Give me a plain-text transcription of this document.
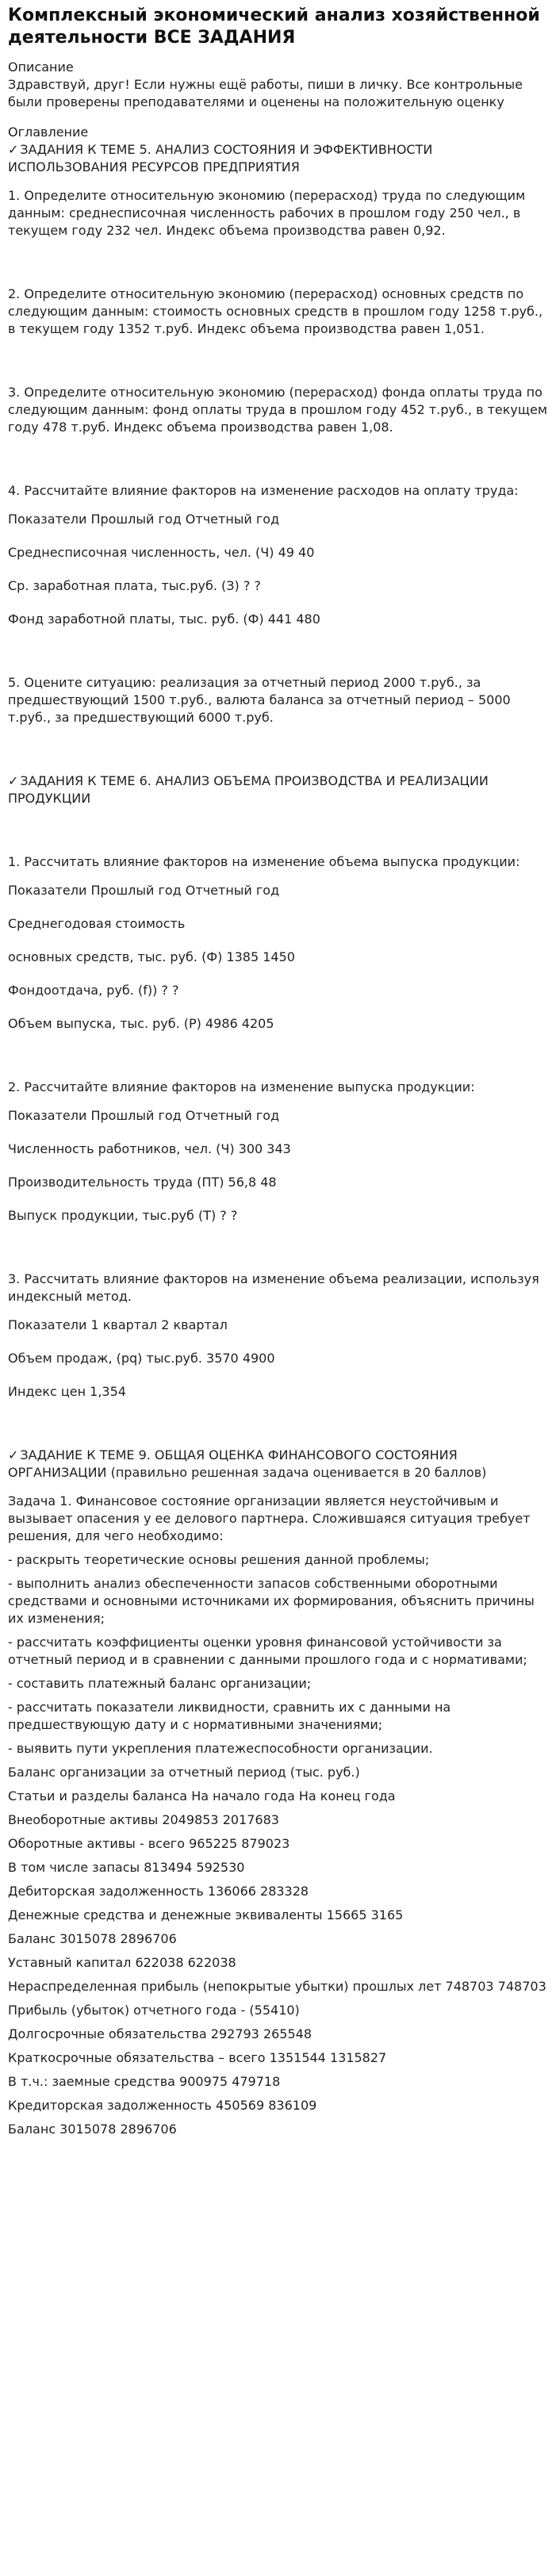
Комплексный экономический анализ хозяйственной деятельности ВСЕ ЗАДАНИЯ
Описание

Здравствуй, друг! Если нужны ещё работы, пиши в личку. Все контрольные были проверены преподавателями и оценены на положительную оценку

Оглавление
✓ ЗАДАНИЯ К ТЕМЕ 5. АНАЛИЗ СОСТОЯНИЯ И ЭФФЕКТИВНОСТИ ИСПОЛЬЗОВАНИЯ РЕСУРСОВ ПРЕДПРИЯТИЯ

1. Определите относительную экономию (перерасход) труда по следующим данным: среднесписочная численность рабочих в прошлом году 250 чел., в текущем году 232 чел. Индекс объема производства равен 0,92.

2. Определите относительную экономию (перерасход) основных средств по следующим данным: стоимость основных средств в прошлом году 1258 т.руб., в текущем году 1352 т.руб. Индекс объема производства равен 1,051.

3. Определите относительную экономию (перерасход) фонда оплаты труда по следующим данным: фонд оплаты труда в прошлом году 452 т.руб., в текущем году 478 т.руб. Индекс объема производства равен 1,08.

4. Рассчитайте влияние факторов на изменение расходов на оплату труда:

Показатели Прошлый год Отчетный год

Среднесписочная численность, чел. (Ч) 49 40

Ср. заработная плата, тыс.руб. (З) ? ?

Фонд заработной платы, тыс. руб. (Ф) 441 480

5. Оцените ситуацию: реализация за отчетный период 2000 т.руб., за предшествующий 1500 т.руб., валюта баланса за отчетный период – 5000 т.руб., за предшествующий 6000 т.руб.

✓ ЗАДАНИЯ К ТЕМЕ 6. АНАЛИЗ ОБЪЕМА ПРОИЗВОДСТВА И РЕАЛИЗАЦИИ ПРОДУКЦИИ

1. Рассчитать влияние факторов на изменение объема выпуска продукции:

Показатели Прошлый год Отчетный год

Среднегодовая стоимость

основных средств, тыс. руб. (Ф) 1385 1450

Фондоотдача, руб. (f)) ? ?

Объем выпуска, тыс. руб. (Р) 4986 4205

2. Рассчитайте влияние факторов на изменение выпуска продукции:

Показатели Прошлый год Отчетный год

Численность работников, чел. (Ч) 300 343

Производительность труда (ПТ) 56,8 48

Выпуск продукции, тыс.руб (Т) ? ?

3. Рассчитать влияние факторов на изменение объема реализации, используя индексный метод.

Показатели 1 квартал 2 квартал

Объем продаж, (pq) тыс.руб. 3570 4900

Индекс цен 1,354

✓ ЗАДАНИЕ К ТЕМЕ 9. ОБЩАЯ ОЦЕНКА ФИНАНСОВОГО СОСТОЯНИЯ ОРГАНИЗАЦИИ (правильно решенная задача оценивается в 20 баллов)

Задача 1. Финансовое состояние организации является неустойчивым и вызывает опасения у ее делового партнера. Сложившаяся ситуация требует решения, для чего необходимо:

- раскрыть теоретические основы решения данной проблемы;

- выполнить анализ обеспеченности запасов собственными оборотными средствами и основными источниками их формирования, объяснить причины их изменения;

- рассчитать коэффициенты оценки уровня финансовой устойчивости за отчетный период и в сравнении с данными прошлого года и с нормативами;

- составить платежный баланс организации;

- рассчитать показатели ликвидности, сравнить их с данными на предшествующую дату и с нормативными значениями;

- выявить пути укрепления платежеспособности организации.

Баланс организации за отчетный период (тыс. руб.)

Статьи и разделы баланса На начало года На конец года

Внеоборотные активы 2049853 2017683

Оборотные активы - всего 965225 879023

В том числе запасы 813494 592530

Дебиторская задолженность 136066 283328

Денежные средства и денежные эквиваленты 15665 3165

Баланс 3015078 2896706

Уставный капитал 622038 622038

Нераспределенная прибыль (непокрытые убытки) прошлых лет 748703 748703

Прибыль (убыток) отчетного года - (55410)

Долгосрочные обязательства 292793 265548

Краткосрочные обязательства – всего 1351544 1315827

В т.ч.: заемные средства 900975 479718

Кредиторская задолженность 450569 836109

Баланс 3015078 2896706
